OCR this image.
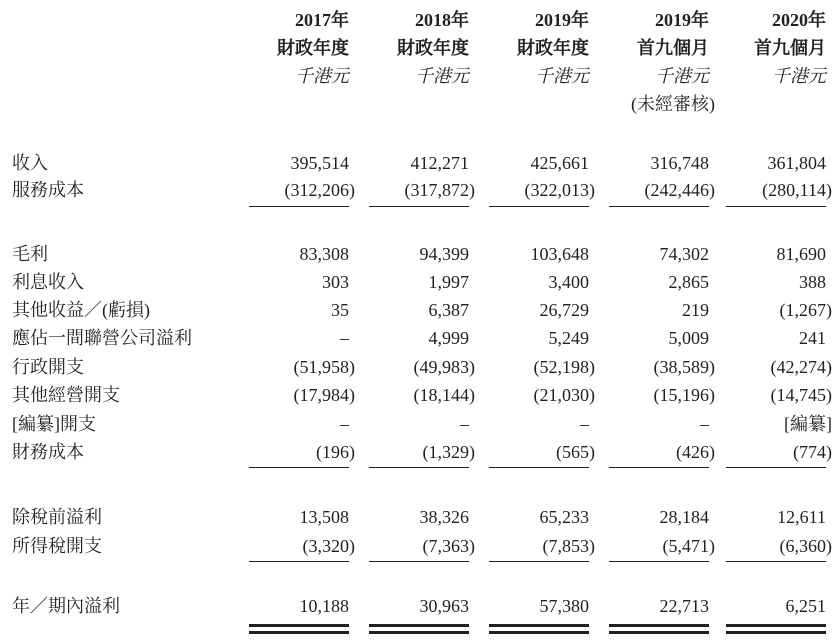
2017年
財政年度
千港元
2018年
財政年度
千港元
2019年
財政年度
千港元
2019年
首九個月
千港元
(未經審核)
2020年
首九個月
千港元
收入	395,514	412,271	425,661	316,748	361,804
服務成本	(312,206)	(317,872)	(322,013)	(242,446)	(280,114)
毛利	83,308	94,399	103,648	74,302	81,690
利息收入	303	1,997	3,400	2,865	388
其他收益／(虧損)	35	6,387	26,729	219	(1,267)
應佔一間聯營公司溢利	–	4,999	5,249	5,009	241
行政開支	(51,958)	(49,983)	(52,198)	(38,589)	(42,274)
其他經營開支	(17,984)	(18,144)	(21,030)	(15,196)	(14,745)
[編纂]開支	–	–	–	–	[編纂]
財務成本	(196)	(1,329)	(565)	(426)	(774)
除稅前溢利	13,508	38,326	65,233	28,184	12,611
所得稅開支	(3,320)	(7,363)	(7,853)	(5,471)	(6,360)
年／期內溢利	10,188	30,963	57,380	22,713	6,251
